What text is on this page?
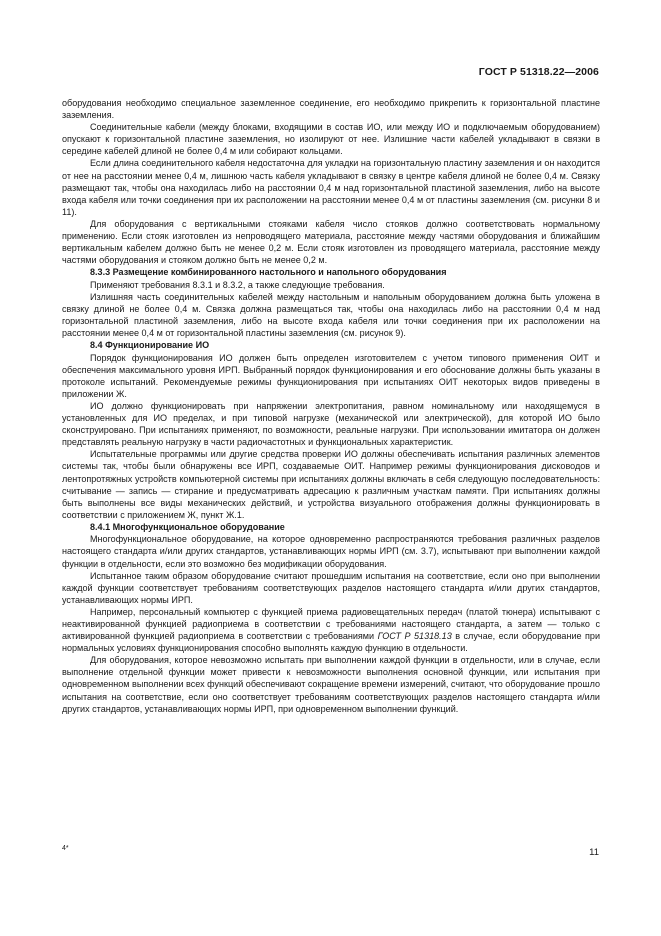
ГОСТ Р 51318.22—2006

оборудования необходимо специальное заземленное соединение, его необходимо прикрепить к горизонтальной пластине заземления.

Соединительные кабели (между блоками, входящими в состав ИО, или между ИО и подключаемым оборудованием) опускают к горизонтальной пластине заземления, но изолируют от нее. Излишние части кабелей укладывают в связки в середине кабелей длиной не более 0,4 м или собирают кольцами.

Если длина соединительного кабеля недостаточна для укладки на горизонтальную пластину заземления и он находится от нее на расстоянии менее 0,4 м, лишнюю часть кабеля укладывают в связку в центре кабеля длиной не более 0,4 м. Связку размещают так, чтобы она находилась либо на расстоянии 0,4 м над горизонтальной пластиной заземления, либо на высоте входа кабеля или точки соединения при их расположении на расстоянии менее 0,4 м от пластины заземления (см. рисунки 8 и 11).

Для оборудования с вертикальными стояками кабеля число стояков должно соответствовать нормальному применению. Если стояк изготовлен из непроводящего материала, расстояние между частями оборудования и ближайшим вертикальным кабелем должно быть не менее 0,2 м. Если стояк изготовлен из проводящего материала, расстояние между частями оборудования и стояком должно быть не менее 0,2 м.

8.3.3 Размещение комбинированного настольного и напольного оборудования

Применяют требования 8.3.1 и 8.3.2, а также следующие требования.

Излишняя часть соединительных кабелей между настольным и напольным оборудованием должна быть уложена в связку длиной не более 0,4 м. Связка должна размещаться так, чтобы она находилась либо на расстоянии 0,4 м над горизонтальной пластиной заземления, либо на высоте входа кабеля или точки соединения при их расположении на расстоянии менее 0,4 м от горизонтальной пластины заземления (см. рисунок 9).

8.4 Функционирование ИО

Порядок функционирования ИО должен быть определен изготовителем с учетом типового применения ОИТ и обеспечения максимального уровня ИРП. Выбранный порядок функционирования и его обоснование должны быть указаны в протоколе испытаний. Рекомендуемые режимы функционирования при испытаниях ОИТ некоторых видов приведены в приложении Ж.

ИО должно функционировать при напряжении электропитания, равном номинальному или находящемуся в установленных для ИО пределах, и при типовой нагрузке (механической или электрической), для которой ИО было сконструировано. При испытаниях применяют, по возможности, реальные нагрузки. При использовании имитатора он должен представлять реальную нагрузку в части радиочастотных и функциональных характеристик.

Испытательные программы или другие средства проверки ИО должны обеспечивать испытания различных элементов системы так, чтобы были обнаружены все ИРП, создаваемые ОИТ. Например режимы функционирования дисководов и лентопротяжных устройств компьютерной системы при испытаниях должны включать в себя следующую последовательность: считывание — запись — стирание и предусматривать адресацию к различным участкам памяти. При испытаниях должны быть выполнены все виды механических действий, и устройства визуального отображения должны функционировать в соответствии с приложением Ж, пункт Ж.1.

8.4.1 Многофункциональное оборудование

Многофункциональное оборудование, на которое одновременно распространяются требования различных разделов настоящего стандарта и/или других стандартов, устанавливающих нормы ИРП (см. 3.7), испытывают при выполнении каждой функции в отдельности, если это возможно без модификации оборудования.

Испытанное таким образом оборудование считают прошедшим испытания на соответствие, если оно при выполнении каждой функции соответствует требованиям соответствующих разделов настоящего стандарта и/или других стандартов, устанавливающих нормы ИРП.

Например, персональный компьютер с функцией приема радиовещательных передач (платой тюнера) испытывают с неактивированной функцией радиоприема в соответствии с требованиями настоящего стандарта, а затем — только с активированной функцией радиоприема в соответствии с требованиями ГОСТ Р 51318.13 в случае, если оборудование при нормальных условиях функционирования способно выполнять каждую функцию в отдельности.

Для оборудования, которое невозможно испытать при выполнении каждой функции в отдельности, или в случае, если выполнение отдельной функции может привести к невозможности выполнения основной функции, или испытания при одновременном выполнении всех функций обеспечивают сокращение времени измерений, считают, что оборудование прошло испытания на соответствие, если оно соответствует требованиям соответствующих разделов настоящего стандарта и/или других стандартов, устанавливающих нормы ИРП, при одновременном выполнении функций.

4*	11
